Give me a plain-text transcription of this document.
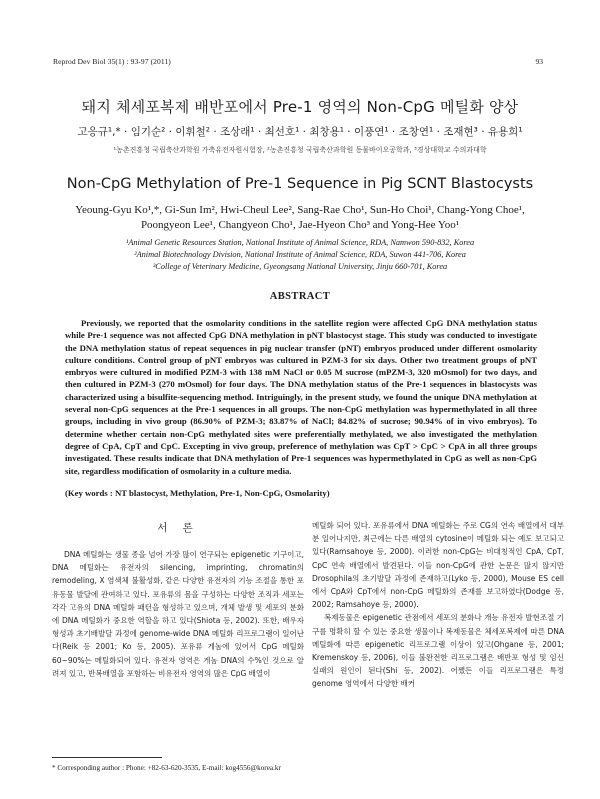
Reprod Dev Biol 35(1) : 93-97 (2011)	93
돼지 체세포복제 배반포에서 Pre-1 영역의 Non-CpG 메틸화 양상
고응규¹,* · 임기순² · 이휘철² · 조상래¹ · 최선호¹ · 최창용¹ · 이풍연¹ · 조창연¹ · 조재현³ · 유용희¹
¹농촌진흥청 국립축산과학원 가축유전자원시험장, ²농촌진흥청 국립축산과학원 동물바이오공학과, ³경상대학교 수의과대학
Non-CpG Methylation of Pre-1 Sequence in Pig SCNT Blastocysts
Yeoung-Gyu Ko¹,*, Gi-Sun Im², Hwi-Cheul Lee², Sang-Rae Cho¹, Sun-Ho Choi¹, Chang-Yong Choe¹,
Poongyeon Lee¹, Changyeon Cho¹, Jae-Hyeon Cho³ and Yong-Hee Yoo¹
¹Animal Genetic Resources Station, National Institute of Animal Science, RDA, Namwon 590-832, Korea
²Animal Biotechnology Division, National Institute of Animal Science, RDA, Suwon 441-706, Korea
³College of Veterinary Medicine, Gyeongsang National University, Jinju 660-701, Korea
ABSTRACT

Previously, we reported that the osmolarity conditions in the satellite region were affected CpG DNA methylation status while Pre-1 sequence was not affected CpG DNA methylation in pNT blastocyst stage. This study was conducted to investigate the DNA methylation status of repeat sequences in pig nuclear transfer (pNT) embryos produced under different osmolarity culture conditions. Control group of pNT embryos was cultured in PZM-3 for six days. Other two treatment groups of pNT embryos were cultured in modified PZM-3 with 138 mM NaCl or 0.05 M sucrose (mPZM-3, 320 mOsmol) for two days, and then cultured in PZM-3 (270 mOsmol) for four days. The DNA methylation status of the Pre-1 sequences in blastocysts was characterized using a bisulfite-sequencing method. Intriguingly, in the present study, we found the unique DNA methylation at several non-CpG sequences at the Pre-1 sequences in all groups. The non-CpG methylation was hypermethylated in all three groups, including in vivo group (86.90% of PZM-3; 83.87% of NaCl; 84.82% of sucrose; 90.94% of in vivo embryos). To determine whether certain non-CpG methylated sites were preferentially methylated, we also investigated the methylation degree of CpA, CpT and CpC. Excepting in vivo group, preference of methylation was CpT > CpC > CpA in all three groups investigated. These results indicate that DNA methylation of Pre-1 sequences was hypermethylated in CpG as well as non-CpG site, regardless modification of osmolarity in a culture media.

(Key words : NT blastocyst, Methylation, Pre-1, Non-CpG, Osmolarity)
서 론

DNA 메틸화는 생물 종을 넘어 가장 많이 연구되는 epigenetic 기구이고, DNA 메틸화는 유전자의 silencing, imprinting, chromatin의 remodeling, X 염색체 불활성화, 같은 다양한 유전자의 기능 조절을 통한 포유동물 발달에 관여하고 있다. 포유류의 몸을 구성하는 다양한 조직과 세포는 각각 고유의 DNA 메틸화 패턴을 형성하고 있으며, 개체 발생 및 세포의 분화에 DNA 메틸화가 중요한 역할을 하고 있다(Shiota 등, 2002). 또한, 배우자형성과 초기배발달 과정에 genome-wide DNA 메틸화 리프로그램이 일어난다(Reik 등 2001; Ko 등, 2005). 포유류 게놈에 있어서 CpG 메틸화 60~90%는 메틸화되어 있다. 유전자 영역은 게놈 DNA의 수%인 것으로 알려져 있고, 반복배열을 포함하는 비유전자 영역의 많은 CpG 배열이

메틸화 되어 있다. 포유류에서 DNA 메틸화는 주로 CG의 연속 배열에서 대부분 일어나지만, 최근에는 다른 배열의 cytosine이 메틸화 되는 예도 보고되고 있다(Ramsahoye 등, 2000). 이러한 non-CpG는 비대칭적인 CpA, CpT, CpC 연속 배열에서 발견된다. 이들 non-CpG에 관한 논문은 많지 않지만 Drosophila의 초기발달 과정에 존재하고(Lyko 등, 2000), Mouse ES cell에서 CpA와 CpT에서 non-CpG 메틸화의 존재를 보고하였다(Dodge 등, 2002; Ramsahoye 등, 2000).

복제동물은 epigenetic 관점에서 세포의 분화나 개능 유전자 발현조절 기구를 명확히 할 수 있는 중요한 생물이나 복제동물은 체세포복제에 따른 DNA 메틸화에 따른 epigenetic 리프로그램 이상이 있고(Ohgane 등, 2001; Kremenskoy 등, 2006), 이들 불완전한 리프로그램은 배반포 형성 및 임신 실패의 원인이 된다(Shi 등, 2002). 어쨌든 이들 리프로그램은 특정 genome 영역에서 다양한 배커

* Corresponding author : Phone: +82-63-620-3535, E-mail: kog4556@korea.kr
